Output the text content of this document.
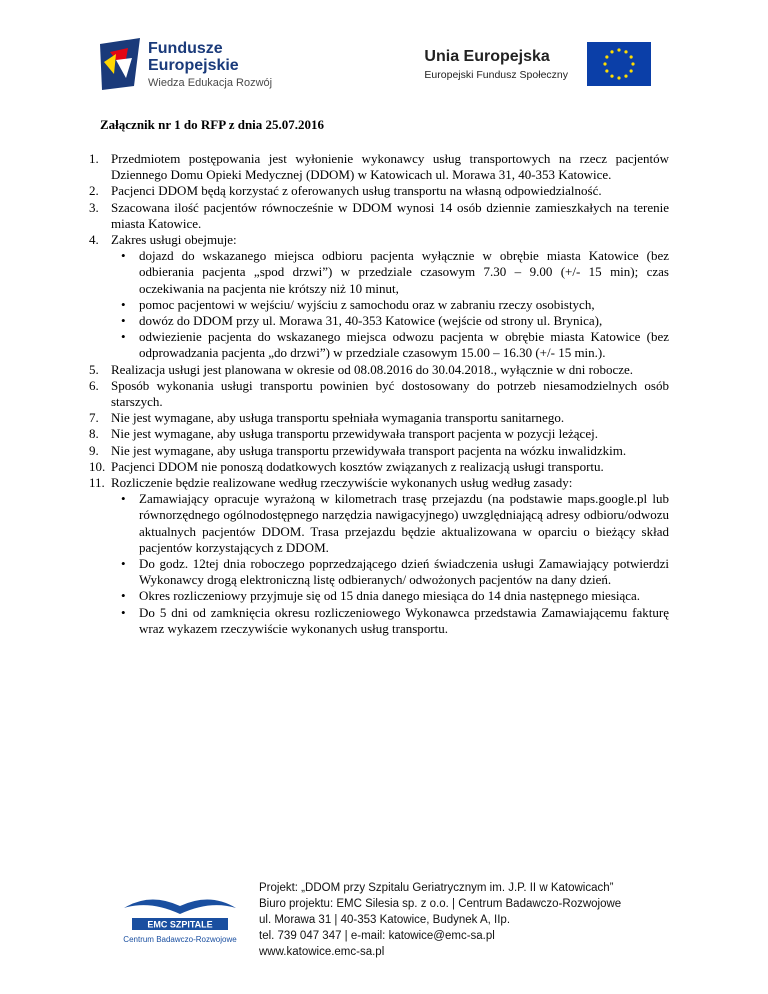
Fundusze
Europejskie
Wiedza Edukacja Rozwój
Unia Europejska
Europejski Fundusz Społeczny
Załącznik nr 1 do RFP z dnia 25.07.2016
1. Przedmiotem postępowania jest wyłonienie wykonawcy usług transportowych na rzecz pacjentów Dziennego Domu Opieki Medycznej (DDOM) w Katowicach ul. Morawa 31, 40-353 Katowice.
2. Pacjenci DDOM będą korzystać z oferowanych usług transportu na własną odpowiedzialność.
3. Szacowana ilość pacjentów równocześnie w DDOM wynosi 14 osób dziennie zamieszkałych na terenie miasta Katowice.
4. Zakres usługi obejmuje:
•	dojazd do wskazanego miejsca odbioru pacjenta wyłącznie w obrębie miasta Katowice (bez odbierania pacjenta „spod drzwi”) w przedziale czasowym 7.30 – 9.00 (+/- 15 min); czas oczekiwania na pacjenta nie krótszy niż 10 minut,
•	pomoc pacjentowi w wejściu/ wyjściu z samochodu oraz w zabraniu rzeczy osobistych,
•	dowóz do DDOM przy ul. Morawa 31, 40-353 Katowice (wejście od strony ul. Brynica),
•	odwiezienie pacjenta do wskazanego miejsca odwozu pacjenta w obrębie miasta Katowice (bez odprowadzania pacjenta „do drzwi”) w przedziale czasowym 15.00 – 16.30 (+/- 15 min.).
5. Realizacja usługi jest planowana w okresie od 08.08.2016 do 30.04.2018., wyłącznie w dni robocze.
6. Sposób wykonania usługi transportu powinien być dostosowany do potrzeb niesamodzielnych osób starszych.
7. Nie jest wymagane, aby usługa transportu spełniała wymagania transportu sanitarnego.
8. Nie jest wymagane, aby usługa transportu przewidywała transport pacjenta w pozycji leżącej.
9. Nie jest wymagane, aby usługa transportu przewidywała transport pacjenta na wózku inwalidzkim.
10. Pacjenci DDOM nie ponoszą dodatkowych kosztów związanych z realizacją usługi transportu.
11. Rozliczenie będzie realizowane według rzeczywiście wykonanych usług według zasady:
•	Zamawiający opracuje wyrażoną w kilometrach trasę przejazdu (na podstawie maps.google.pl lub równorzędnego ogólnodostępnego narzędzia nawigacyjnego) uwzględniającą adresy odbioru/odwozu aktualnych pacjentów DDOM. Trasa przejazdu będzie aktualizowana w oparciu o bieżący skład pacjentów korzystających z DDOM.
•	Do godz. 12tej dnia roboczego poprzedzającego dzień świadczenia usługi Zamawiający potwierdzi Wykonawcy drogą elektroniczną listę odbieranych/ odwożonych pacjentów na dany dzień.
•	Okres rozliczeniowy przyjmuje się od 15 dnia danego miesiąca do 14 dnia następnego miesiąca.
•	Do 5 dni od zamknięcia okresu rozliczeniowego Wykonawca przedstawia Zamawiającemu fakturę wraz wykazem rzeczywiście wykonanych usług transportu.
EMC SZPITALE
Centrum Badawczo-Rozwojowe
Projekt: „DDOM przy Szpitalu Geriatrycznym im. J.P. II w Katowicach”
Biuro projektu: EMC Silesia sp. z o.o. | Centrum Badawczo-Rozwojowe
ul. Morawa 31 | 40-353 Katowice, Budynek A, IIp.
tel. 739 047 347 | e-mail: katowice@emc-sa.pl
www.katowice.emc-sa.pl
